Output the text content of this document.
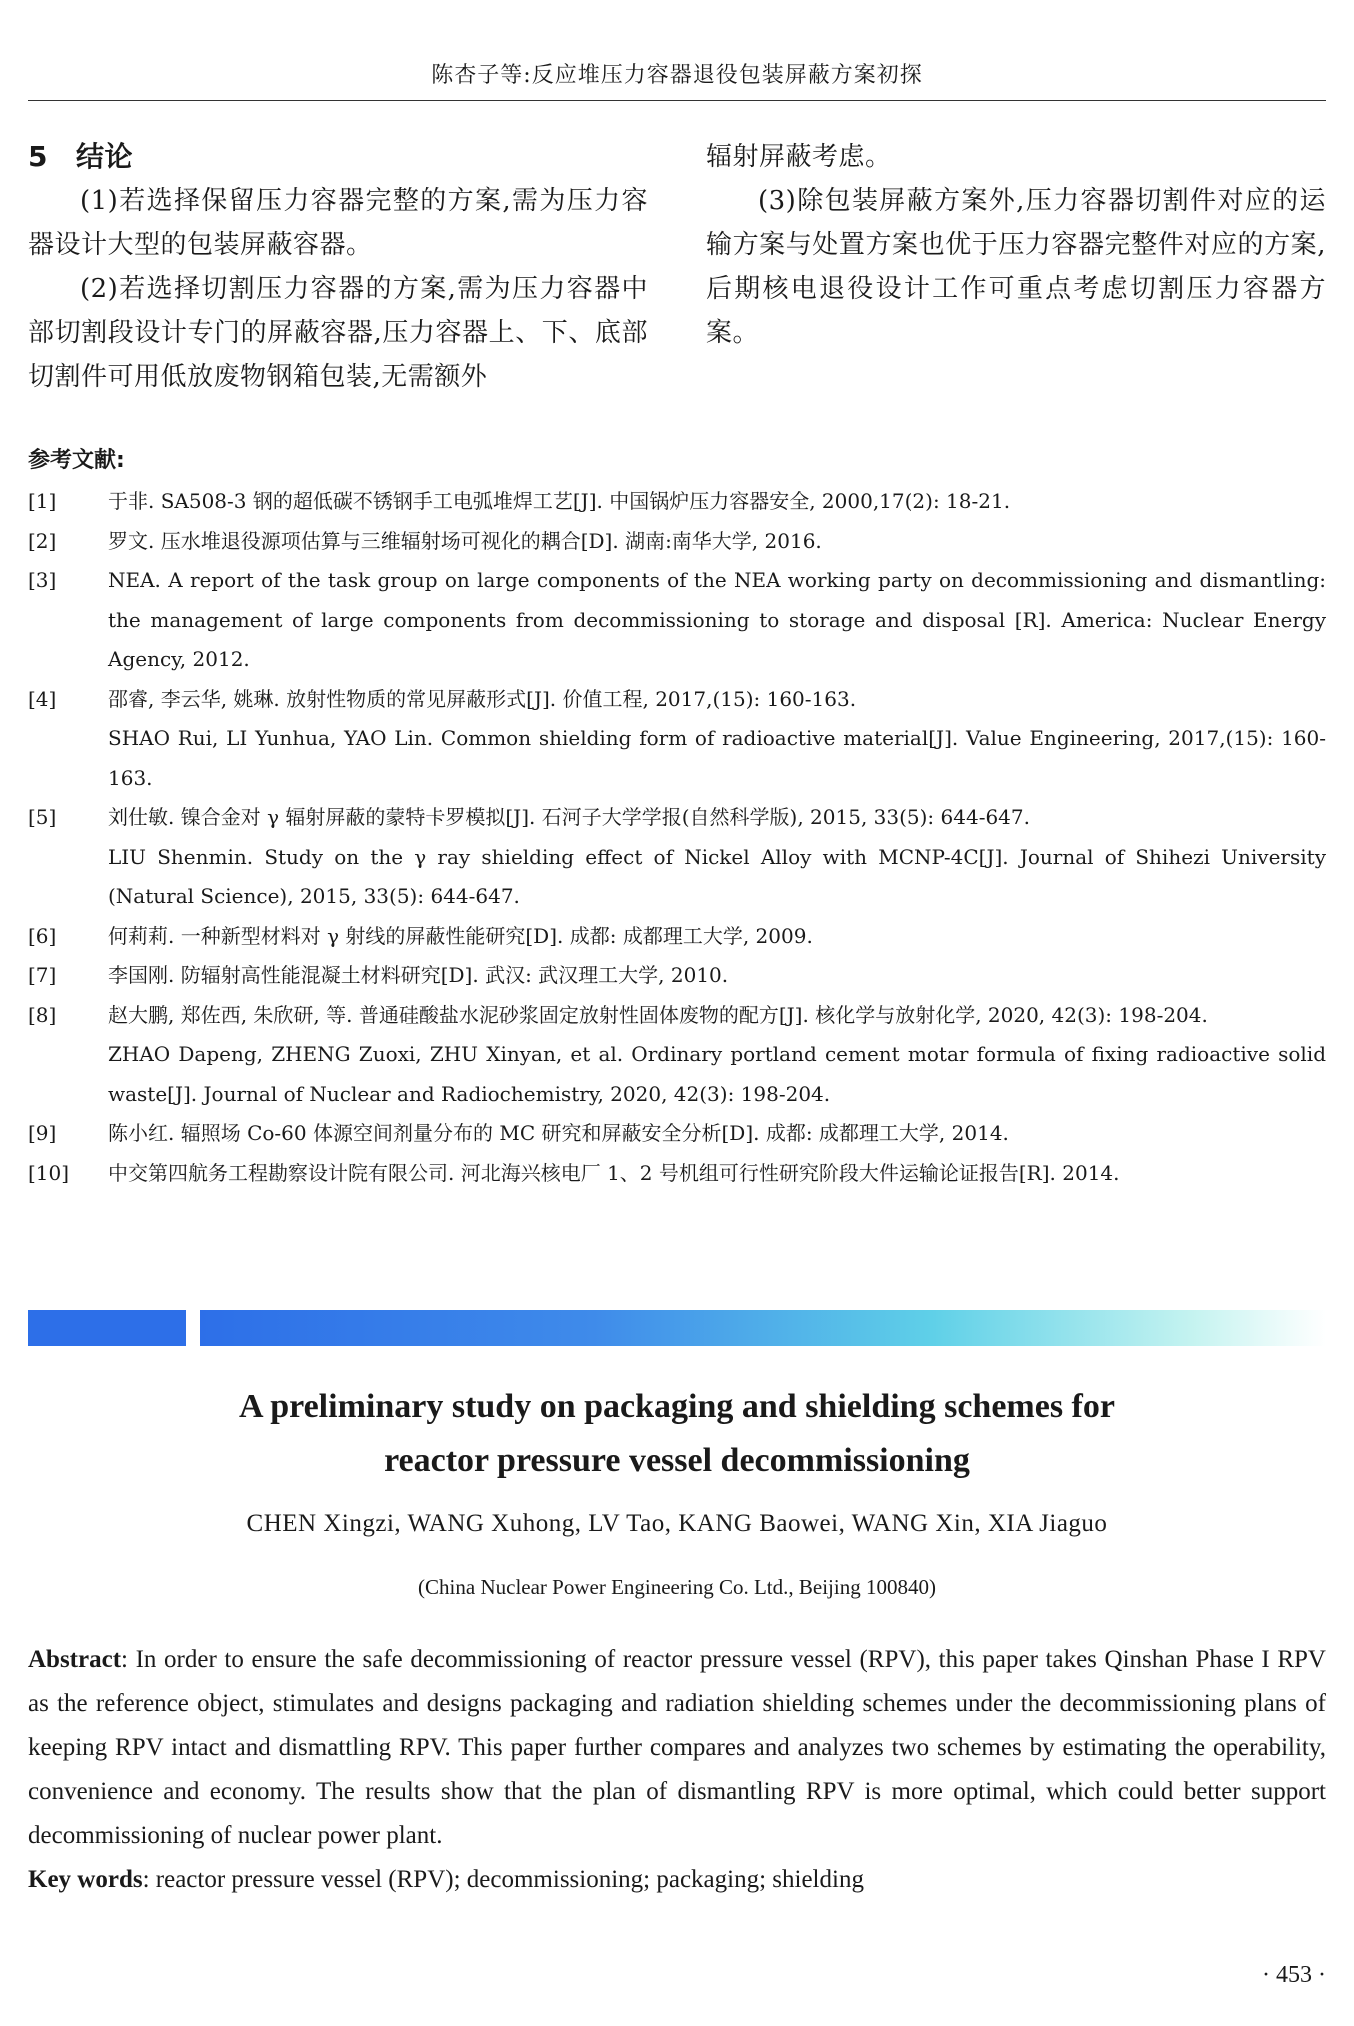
陈杏子等:反应堆压力容器退役包装屏蔽方案初探
5 结论

(1)若选择保留压力容器完整的方案,需为压力容器设计大型的包装屏蔽容器。

(2)若选择切割压力容器的方案,需为压力容器中部切割段设计专门的屏蔽容器,压力容器上、下、底部切割件可用低放废物钢箱包装,无需额外

辐射屏蔽考虑。

(3)除包装屏蔽方案外,压力容器切割件对应的运输方案与处置方案也优于压力容器完整件对应的方案,后期核电退役设计工作可重点考虑切割压力容器方案。

参考文献:
[1]	于非. SA508-3 钢的超低碳不锈钢手工电弧堆焊工艺[J]. 中国锅炉压力容器安全, 2000,17(2): 18-21.

[2]	罗文. 压水堆退役源项估算与三维辐射场可视化的耦合[D]. 湖南:南华大学, 2016.

[3]	NEA. A report of the task group on large components of the NEA working party on decommissioning and dismantling: the management of large components from decommissioning to storage and disposal [R]. America: Nuclear Energy Agency, 2012.

[4]	邵睿, 李云华, 姚琳. 放射性物质的常见屏蔽形式[J]. 价值工程, 2017,(15): 160-163.

SHAO Rui, LI Yunhua, YAO Lin. Common shielding form of radioactive material[J]. Value Engineering, 2017,(15): 160-163.

[5]	刘仕敏. 镍合金对 γ 辐射屏蔽的蒙特卡罗模拟[J]. 石河子大学学报(自然科学版), 2015, 33(5): 644-647.

LIU Shenmin. Study on the γ ray shielding effect of Nickel Alloy with MCNP-4C[J]. Journal of Shihezi University (Natural Science), 2015, 33(5): 644-647.

[6]	何莉莉. 一种新型材料对 γ 射线的屏蔽性能研究[D]. 成都: 成都理工大学, 2009.

[7]	李国刚. 防辐射高性能混凝土材料研究[D]. 武汉: 武汉理工大学, 2010.

[8]	赵大鹏, 郑佐西, 朱欣研, 等. 普通硅酸盐水泥砂浆固定放射性固体废物的配方[J]. 核化学与放射化学, 2020, 42(3): 198-204.

ZHAO Dapeng, ZHENG Zuoxi, ZHU Xinyan, et al. Ordinary portland cement motar formula of fixing radioactive solid waste[J]. Journal of Nuclear and Radiochemistry, 2020, 42(3): 198-204.

[9]	陈小红. 辐照场 Co-60 体源空间剂量分布的 MC 研究和屏蔽安全分析[D]. 成都: 成都理工大学, 2014.

[10]	中交第四航务工程勘察设计院有限公司. 河北海兴核电厂 1、2 号机组可行性研究阶段大件运输论证报告[R]. 2014.

A preliminary study on packaging and shielding schemes for
reactor pressure vessel decommissioning
CHEN Xingzi, WANG Xuhong, LV Tao, KANG Baowei, WANG Xin, XIA Jiaguo
(China Nuclear Power Engineering Co. Ltd., Beijing 100840)

Abstract: In order to ensure the safe decommissioning of reactor pressure vessel (RPV), this paper takes Qinshan Phase I RPV as the reference object, stimulates and designs packaging and radiation shielding schemes under the decommissioning plans of keeping RPV intact and dismattling RPV. This paper further compares and analyzes two schemes by estimating the operability, convenience and economy. The results show that the plan of dismantling RPV is more optimal, which could better support decommissioning of nuclear power plant.

Key words: reactor pressure vessel (RPV); decommissioning; packaging; shielding

· 453 ·
